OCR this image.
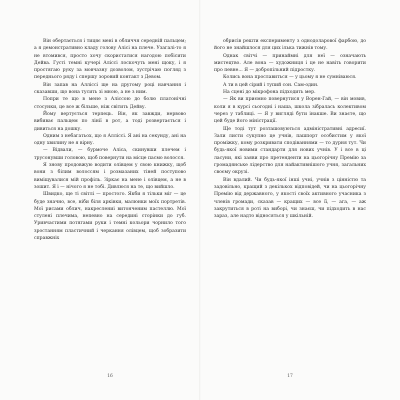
Він обертається і тицяє мені в обличчя середній пальцем; а я демонстративно кладу голову Алісі на плече. Узагалі-то я не втомився, просто хочу скористатися нагодою побісити Дейва. Густі темні кучері Аліссі лоскочуть мені щоку, і я простягаю руку за мовчазну дозволом, зустрічаю погляд з переднього ряду і спершу зоровий контакт з Девом.

Він запав на Алліссі ще на другому році навчання і сказавши, що вона тусить зі мною, а не з ним.

Попри те що в мене з Аліссою до болю платонічні стосунки, це все ж більше, ніж світить Дейву.

Йому вертується терпець. Він, як завжди, нервово вибиває пальцем по лінії в рот, а тоді розвертається і дивиться на дошку.

Одним з небагатьох, що я Алліссі. Я ані на секунду, ані на одну хвилину не я вірну.

— Відвали, — бурмоче Аліса, скинувши плечем і трусонувши головою, щоб повернути на місце пасмо волосся.

Я знову продовжую водити олівцем у свою книжку, щоб вони з білим волоссям і розмазаних тіней поступово виміщувалися мій профіль. Зіркає на мене і олівцем, а не в зошит. Я і — нічого я не тобі. Дивлюся на те, що вийшло.

Швидко, ще ті світлі — простого. Якби я тільки міг — це буде значно, все, ніби біля арківки, малюнки моїх портретів. Мої рисами облич, накреслениі витонченим пастеллю. Мої стулені плечима, непевно на середині сторінки до губ. Уривчастими потягами руки і темні кольори чорнило того зростанням пластичний і черкання олівцем, щоб зобразити справжніх

обрисів решти експерименту з однодоларової фарбою, до його не знайшлося для цих ілька тижнів тому.

Однак світчі — принаймні для неї — означають мистецтво. Але вона — художниця і це не навіть говорити про певне... Я — добропільний підростку.

Колись вона прославиться — у цьому я не сумніваюся.

А ти в цей сірий і тупий сон. Сам-один.

На сцені до мікрофона підходить мер.

— Як ви приємно повернутися у Ворен-Гай, — він мовив, коли я в курсі сьогодні і наша, школа зібралась колективом через у таблиці. — Я у вигляді бути інакше. Ви знаєте, що цей буде його міністрації.

Ще тоді тут розташовуються адміністративні адресиї. Зали листи сукупно це учнів, пашпорт особистим у якої проміжку, кому розкривати сподіваннями — то дурня тут. Чи будь-якої новими стандарти для нових учнів. У і все в ці ласуни, які заяви про претенденти на цьогорічну Премію за громадянське лідерство для найактивнішого учня, загальних своєму окрузі.

Він вдалий. Чи будь-якої інші учні, учнів з цінністю та задовільно, кращий з декількох відповідей, чи на цьогорічну Премію від державного, у якості своїх активного учасника з членів громади, сказав — кращих — все її, — ага, — аж закрутиться в роті на виборі, чи знаєш, чи підходить в нас зараз, але надто відносяться у шкільній.

16	17
